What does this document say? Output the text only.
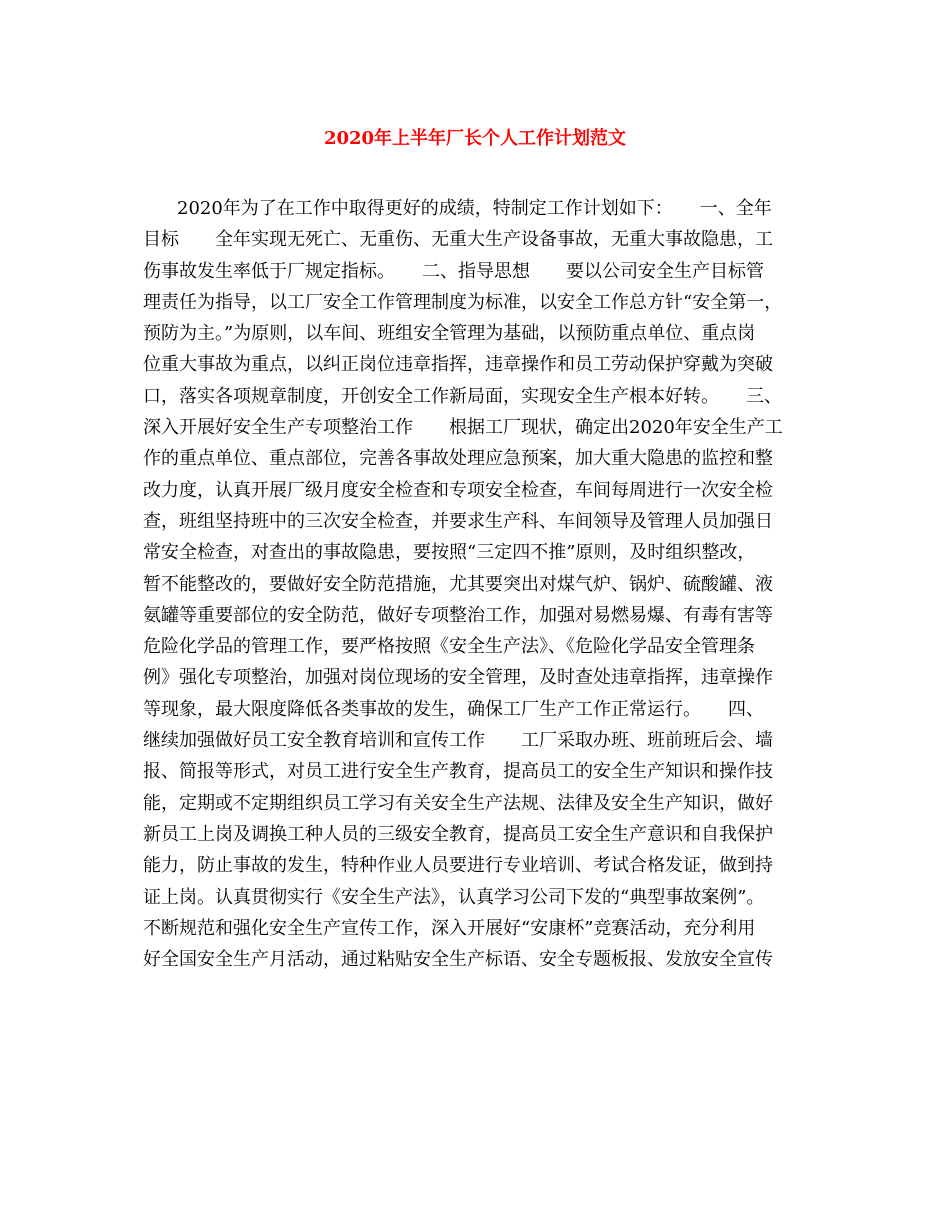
2020年上半年厂长个人工作计划范文
2020年为了在工作中取得更好的成绩，特制定工作计划如下：　　一、全年
目标　　全年实现无死亡、无重伤、无重大生产设备事故，无重大事故隐患，工
伤事故发生率低于厂规定指标。　　二、指导思想　　要以公司安全生产目标管
理责任为指导，以工厂安全工作管理制度为标准，以安全工作总方针“安全第一，
预防为主。”为原则，以车间、班组安全管理为基础，以预防重点单位、重点岗
位重大事故为重点，以纠正岗位违章指挥，违章操作和员工劳动保护穿戴为突破
口，落实各项规章制度，开创安全工作新局面，实现安全生产根本好转。　　三、
深入开展好安全生产专项整治工作　　根据工厂现状，确定出2020年安全生产工
作的重点单位、重点部位，完善各事故处理应急预案，加大重大隐患的监控和整
改力度，认真开展厂级月度安全检查和专项安全检查，车间每周进行一次安全检
查，班组坚持班中的三次安全检查，并要求生产科、车间领导及管理人员加强日
常安全检查，对查出的事故隐患，要按照“三定四不推”原则，及时组织整改，
暂不能整改的，要做好安全防范措施，尤其要突出对煤气炉、锅炉、硫酸罐、液
氨罐等重要部位的安全防范，做好专项整治工作，加强对易燃易爆、有毒有害等
危险化学品的管理工作，要严格按照《安全生产法》、《危险化学品安全管理条
例》强化专项整治，加强对岗位现场的安全管理，及时查处违章指挥，违章操作
等现象，最大限度降低各类事故的发生，确保工厂生产工作正常运行。　　四、
继续加强做好员工安全教育培训和宣传工作　　工厂采取办班、班前班后会、墙
报、简报等形式，对员工进行安全生产教育，提高员工的安全生产知识和操作技
能，定期或不定期组织员工学习有关安全生产法规、法律及安全生产知识，做好
新员工上岗及调换工种人员的三级安全教育，提高员工安全生产意识和自我保护
能力，防止事故的发生，特种作业人员要进行专业培训、考试合格发证，做到持
证上岗。认真贯彻实行《安全生产法》，认真学习公司下发的“典型事故案例”。
不断规范和强化安全生产宣传工作，深入开展好“安康杯”竞赛活动，充分利用
好全国安全生产月活动，通过粘贴安全生产标语、安全专题板报、发放安全宣传
